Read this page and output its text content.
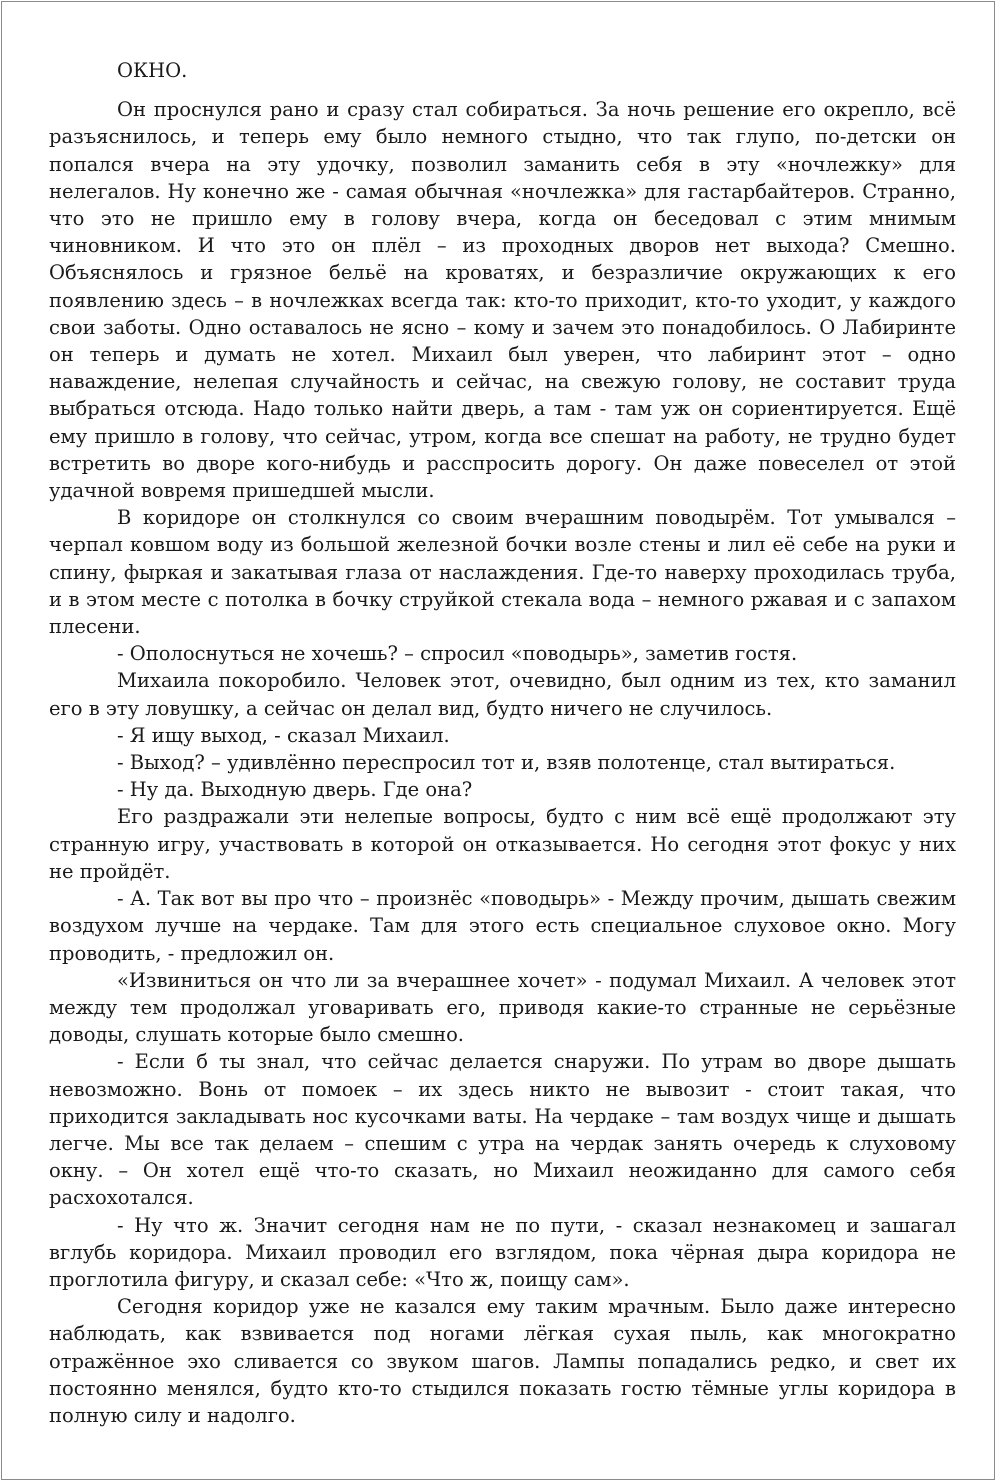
ОКНО.

Он проснулся рано и сразу стал собираться. За ночь решение его окрепло, всё разъяснилось, и теперь ему было немного стыдно, что так глупо, по-детски он попался вчера на эту удочку, позволил заманить себя в эту «ночлежку» для нелегалов. Ну конечно же - самая обычная «ночлежка» для гастарбайтеров. Странно, что это не пришло ему в голову вчера, когда он беседовал с этим мнимым чиновником. И что это он плёл – из проходных дворов нет выхода? Смешно. Объяснялось и грязное бельё на кроватях, и безразличие окружающих к его появлению здесь – в ночлежках всегда так: кто-то приходит, кто-то уходит, у каждого свои заботы. Одно оставалось не ясно – кому и зачем это понадобилось. О Лабиринте он теперь и думать не хотел. Михаил был уверен, что лабиринт этот – одно наваждение, нелепая случайность и сейчас, на свежую голову, не составит труда выбраться отсюда. Надо только найти дверь, а там - там уж он сориентируется. Ещё ему пришло в голову, что сейчас, утром, когда все спешат на работу, не трудно будет встретить во дворе кого-нибудь и расспросить дорогу. Он даже повеселел от этой удачной вовремя пришедшей мысли.

В коридоре он столкнулся со своим вчерашним поводырём. Тот умывался – черпал ковшом воду из большой железной бочки возле стены и лил её себе на руки и спину, фыркая и закатывая глаза от наслаждения. Где-то наверху проходилась труба, и в этом месте с потолка в бочку струйкой стекала вода – немного ржавая и с запахом плесени.

- Ополоснуться не хочешь? – спросил «поводырь», заметив гостя.

Михаила покоробило. Человек этот, очевидно, был одним из тех, кто заманил его в эту ловушку, а сейчас он делал вид, будто ничего не случилось.

- Я ищу выход, - сказал Михаил.

- Выход? – удивлённо переспросил тот и, взяв полотенце, стал вытираться.

- Ну да. Выходную дверь. Где она?

Его раздражали эти нелепые вопросы, будто с ним всё ещё продолжают эту странную игру, участвовать в которой он отказывается. Но сегодня этот фокус у них не пройдёт.

- А. Так вот вы про что – произнёс «поводырь» - Между прочим, дышать свежим воздухом лучше на чердаке. Там для этого есть специальное слуховое окно. Могу проводить, - предложил он.

«Извиниться он что ли за вчерашнее хочет» - подумал Михаил. А человек этот между тем продолжал уговаривать его, приводя какие-то странные не серьёзные доводы, слушать которые было смешно.

- Если б ты знал, что сейчас делается снаружи. По утрам во дворе дышать невозможно. Вонь от помоек – их здесь никто не вывозит - стоит такая, что приходится закладывать нос кусочками ваты. На чердаке – там воздух чище и дышать легче. Мы все так делаем – спешим с утра на чердак занять очередь к слуховому окну. – Он хотел ещё что-то сказать, но Михаил неожиданно для самого себя расхохотался.

- Ну что ж. Значит сегодня нам не по пути, - сказал незнакомец и зашагал вглубь коридора. Михаил проводил его взглядом, пока чёрная дыра коридора не проглотила фигуру, и сказал себе: «Что ж, поищу сам».

Сегодня коридор уже не казался ему таким мрачным. Было даже интересно наблюдать, как взвивается под ногами лёгкая сухая пыль, как многократно отражённое эхо сливается со звуком шагов. Лампы попадались редко, и свет их постоянно менялся, будто кто-то стыдился показать гостю тёмные углы коридора в полную силу и надолго.
